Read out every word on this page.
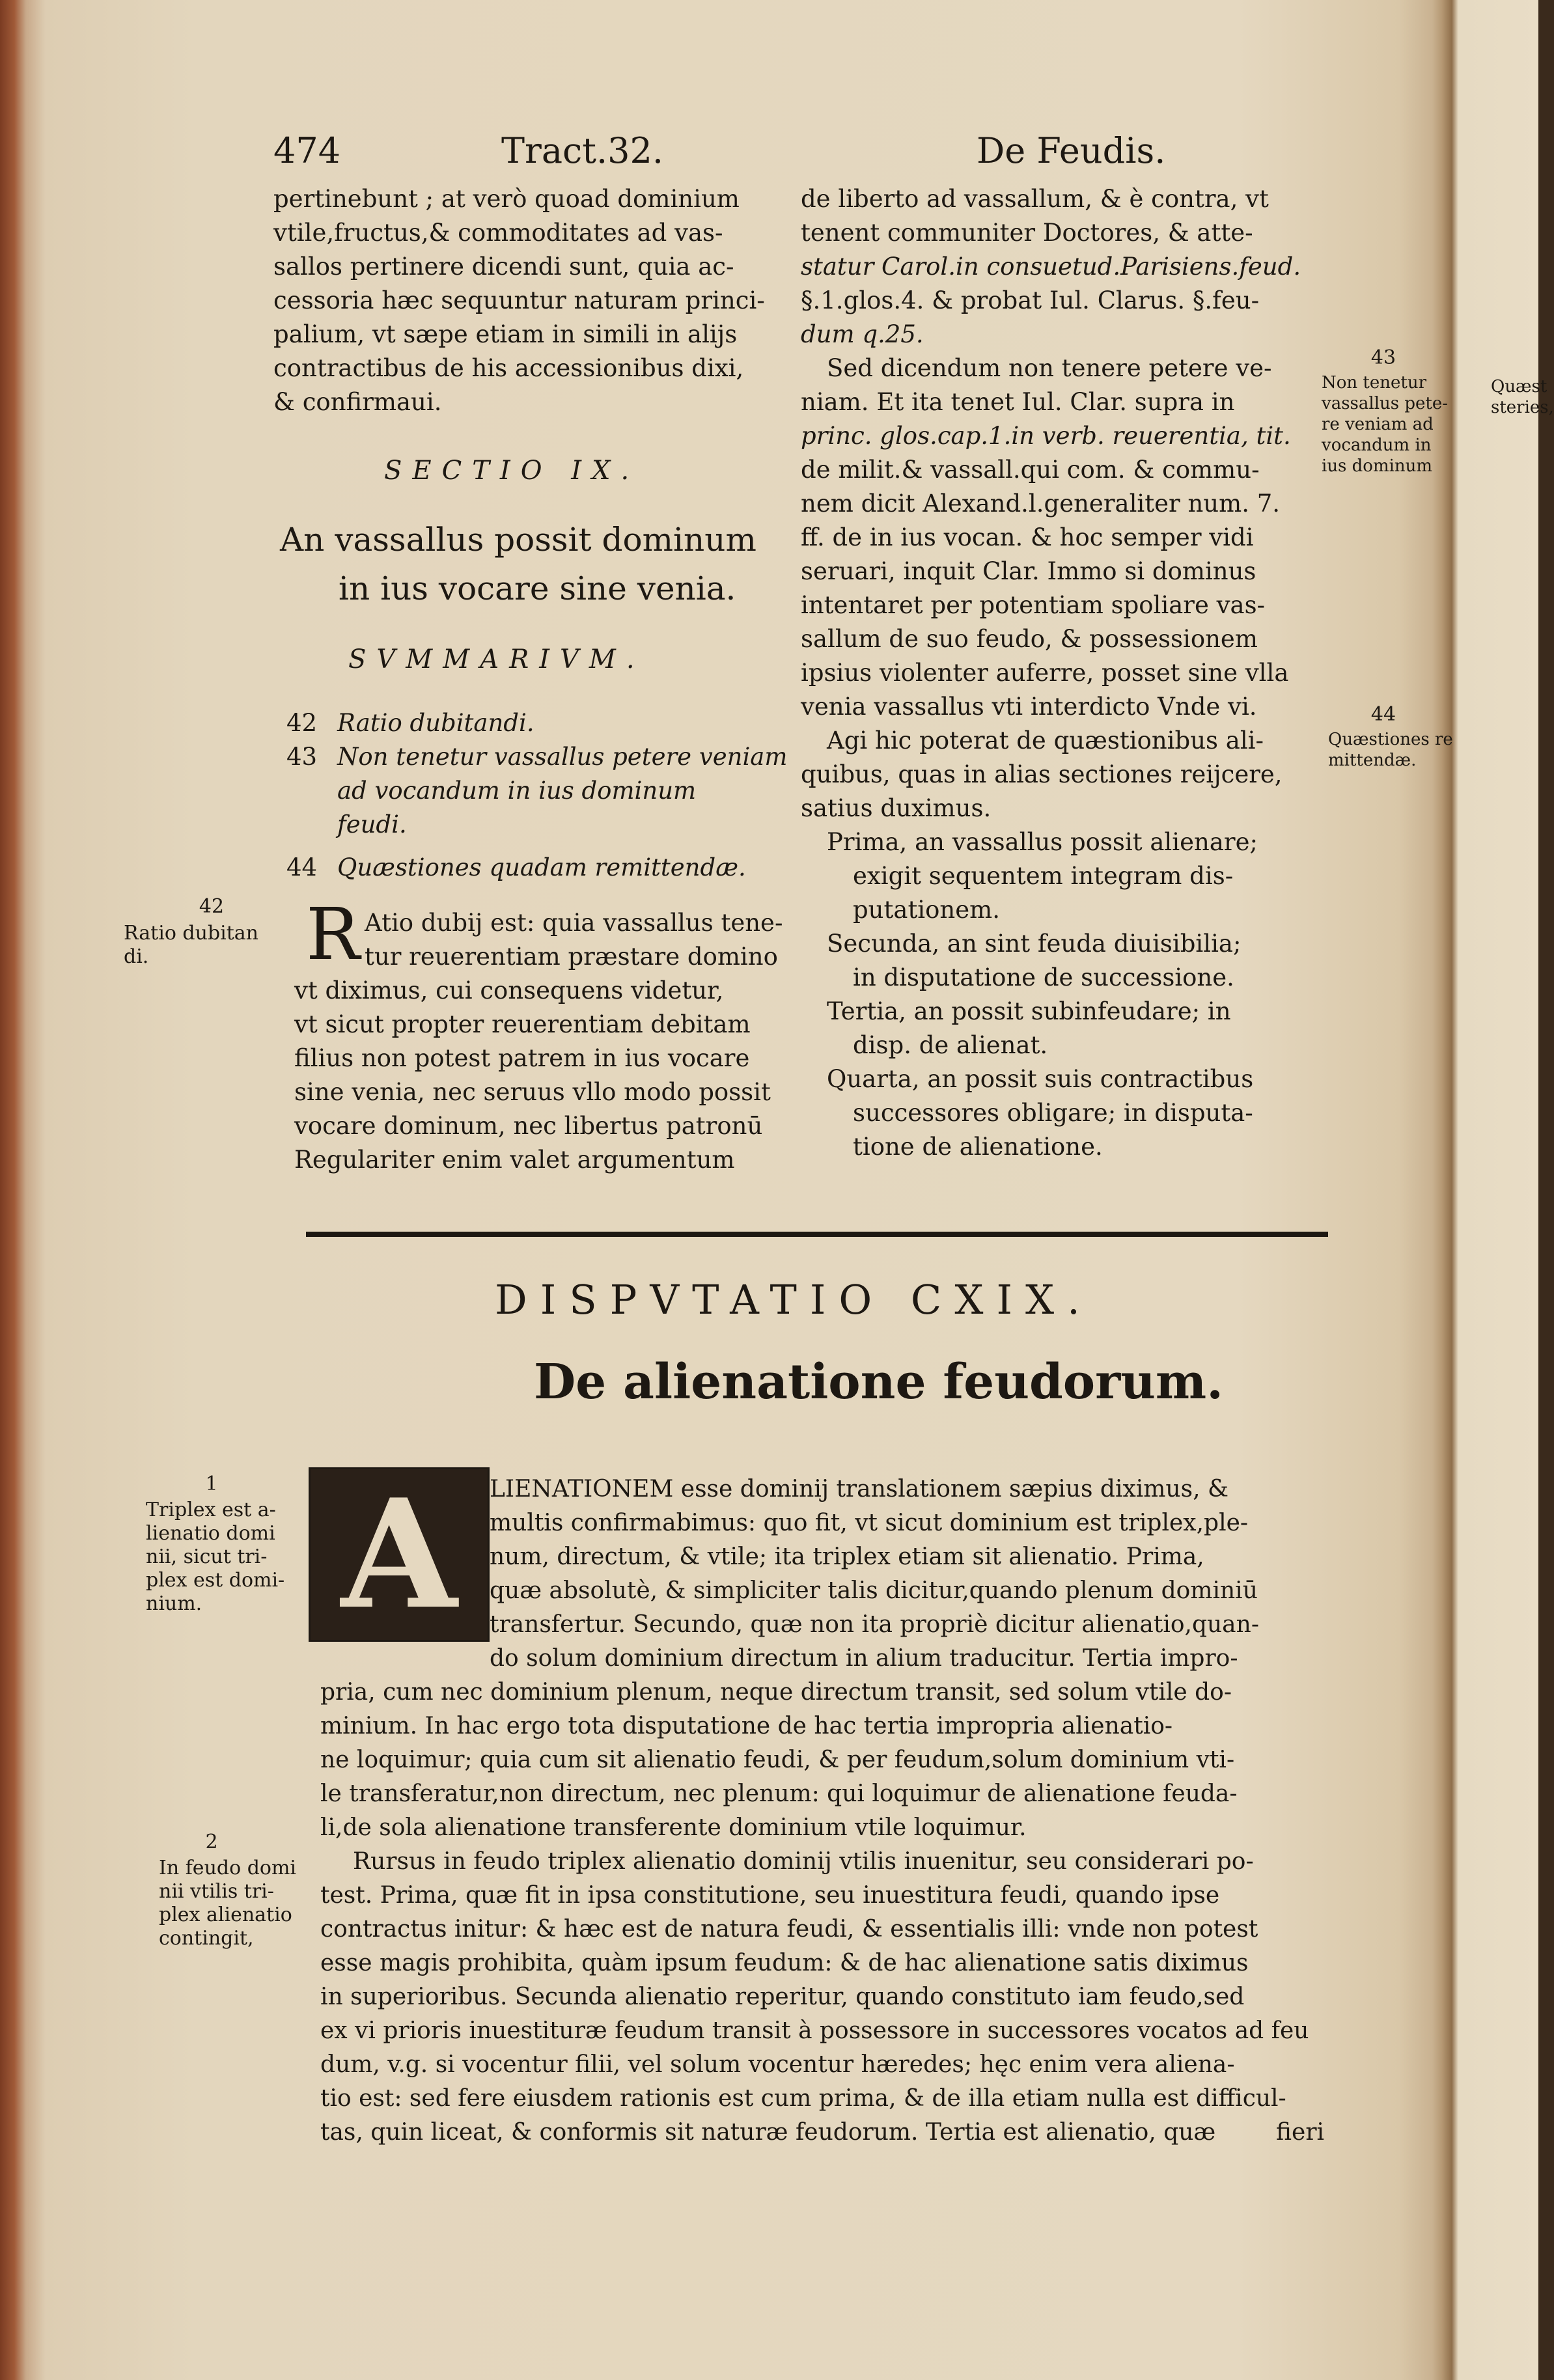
474	Tract.32.	De Feudis.
pertinebunt ; at verò quoad dominium
vtile,fructus,& commoditates ad vas-
sallos pertinere dicendi sunt, quia ac-
cessoria hæc sequuntur naturam princi-
palium, vt sæpe etiam in simili in alijs
contractibus de his accessionibus dixi,
& confirmaui.
SECTIO IX.
An vassallus possit dominum
in ius vocare sine venia.
SVMMARIVM.
42 Ratio dubitandi.
43 Non tenetur vassallus petere veniam
ad vocandum in ius dominum
feudi.
44 Quæstiones quadam remittendæ.
R Atio dubij est: quia vassallus tene-
tur reuerentiam præstare domino
vt diximus, cui consequens videtur,
vt sicut propter reuerentiam debitam
filius non potest patrem in ius vocare
sine venia, nec seruus vllo modo possit
vocare dominum, nec libertus patronū
Regulariter enim valet argumentum
de liberto ad vassallum, & è contra, vt
tenent communiter Doctores, & atte-
statur Carol.in consuetud.Parisiens.feud.
§.1.glos.4. & probat Iul. Clarus. §.feu-
dum q.25.
Sed dicendum non tenere petere ve-
niam. Et ita tenet Iul. Clar. supra in
princ. glos.cap.1.in verb. reuerentia, tit.
de milit.& vassall.qui com. & commu-
nem dicit Alexand.l.generaliter num. 7.
ff. de in ius vocan. & hoc semper vidi
seruari, inquit Clar. Immo si dominus
intentaret per potentiam spoliare vas-
sallum de suo feudo, & possessionem
ipsius violenter auferre, posset sine vlla
venia vassallus vti interdicto Vnde vi.
Agi hic poterat de quæstionibus ali-
quibus, quas in alias sectiones reijcere,
satius duximus.
Prima, an vassallus possit alienare;
exigit sequentem integram dis-
putationem.
Secunda, an sint feuda diuisibilia;
in disputatione de successione.
Tertia, an possit subinfeudare; in
disp. de alienat.
Quarta, an possit suis contractibus
successores obligare; in disputa-
tione de alienatione.
42
Ratio dubitan
di.
43
Non tenetur
vassallus pete-
re veniam ad
vocandum in
ius dominum
44
Quæstiones re
mittendæ.
Quæst
steries,
1
Triplex est a-
lienatio domi
nii, sicut tri-
plex est domi-
nium.
2
In feudo domi
nii vtilis tri-
plex alienatio
contingit,
DISPVTATIO CXIX.
De alienatione feudorum.
A	LIENATIONEM esse dominij translationem sæpius diximus, &
multis confirmabimus: quo fit, vt sicut dominium est triplex,ple-
num, directum, & vtile; ita triplex etiam sit alienatio. Prima,
quæ absolutè, & simpliciter talis dicitur,quando plenum dominiū
transfertur. Secundo, quæ non ita propriè dicitur alienatio,quan-
do solum dominium directum in alium traducitur. Tertia impro-
pria, cum nec dominium plenum, neque directum transit, sed solum vtile do-
minium. In hac ergo tota disputatione de hac tertia impropria alienatio-
ne loquimur; quia cum sit alienatio feudi, & per feudum,solum dominium vti-
le transferatur,non directum, nec plenum: qui loquimur de alienatione feuda-
li,de sola alienatione transferente dominium vtile loquimur.
Rursus in feudo triplex alienatio dominij vtilis inuenitur, seu considerari po-
test. Prima, quæ fit in ipsa constitutione, seu inuestitura feudi, quando ipse
contractus initur: & hæc est de natura feudi, & essentialis illi: vnde non potest
esse magis prohibita, quàm ipsum feudum: & de hac alienatione satis diximus
in superioribus. Secunda alienatio reperitur, quando constituto iam feudo,sed
ex vi prioris inuestituræ feudum transit à possessore in successores vocatos ad feu
dum, v.g. si vocentur filii, vel solum vocentur hæredes; hęc enim vera aliena-
tio est: sed fere eiusdem rationis est cum prima, & de illa etiam nulla est difficul-
tas, quin liceat, & conformis sit naturæ feudorum. Tertia est alienatio, quæ	fieri
